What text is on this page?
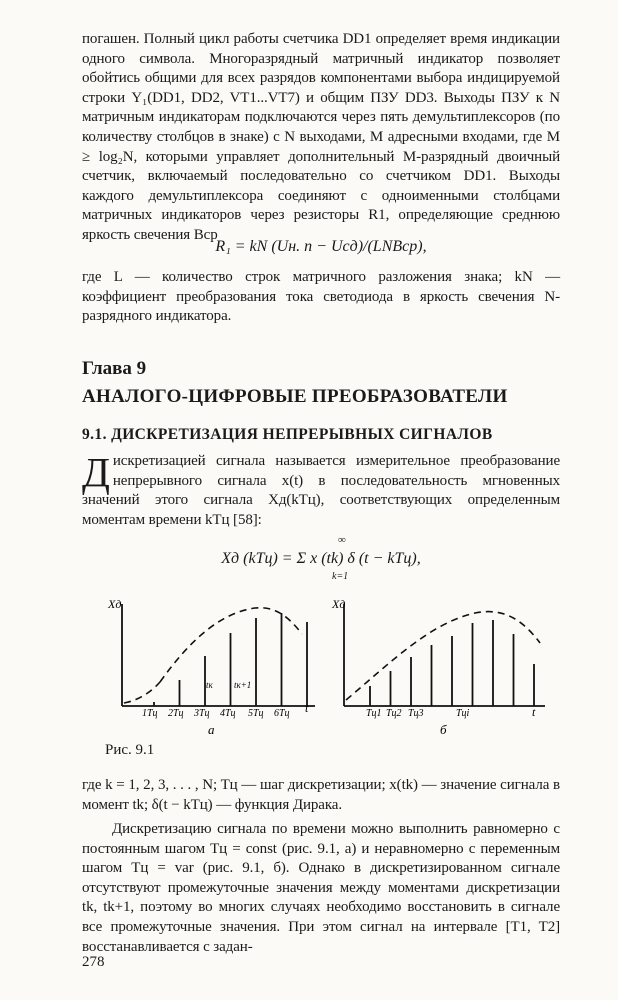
погашен. Полный цикл работы счетчика DD1 определяет время индикации одного символа. Многоразрядный матричный индикатор позволяет обойтись общими для всех разрядов компонентами выбора индицируемой строки Y₁(DD1, DD2, VT1...VT7) и общим ПЗУ DD3. Выходы ПЗУ к N матричным индикаторам подключаются через пять демультиплексоров (по количеству столбцов в знаке) с N выходами, M адресными входами, где M ≥ log₂N, которыми управляет дополнительный M-разрядный двоичный счетчик, включаемый последовательно со счетчиком DD1. Выходы каждого демультиплексора соединяют с одноименными столбцами матричных индикаторов через резисторы R1, определяющие среднюю яркость свечения Bср
R₁ = kN (Uн. п − Uсд)/(LNBср),
где L — количество строк матричного разложения знака; kN — коэффициент преобразования тока светодиода в яркость свечения N-разрядного индикатора.
Глава 9
АНАЛОГО-ЦИФРОВЫЕ ПРЕОБРАЗОВАТЕЛИ
9.1. ДИСКРЕТИЗАЦИЯ НЕПРЕРЫВНЫХ СИГНАЛОВ
Дискретизацией сигнала называется измерительное преобразование непрерывного сигнала x(t) в последовательность мгновенных значений этого сигнала Xд(kTц), соответствующих определенным моментам времени kTц [58]:
∞
Xд (kTц) = Σ x (tk) δ (t − kTц),
k=1
Xд
t
tк tк+1
1Tц 2Tц 3Tц 4Tц 5Tц 6Tц
а
Xд
t
Tц1 Tц2 Tц3	Tцi
б
Рис. 9.1
где k = 1, 2, 3, . . . , N; Tц — шаг дискретизации; x(tk) — значение сигнала в момент tk; δ(t − kTц) — функция Дирака.
Дискретизацию сигнала по времени можно выполнить равномерно с постоянным шагом Tц = const (рис. 9.1, а) и неравномерно с переменным шагом Tц = var (рис. 9.1, б). Однако в дискретизированном сигнале отсутствуют промежуточные значения между моментами дискретизации tk, tk+1, поэтому во многих случаях необходимо восстановить в сигнале все промежуточные значения. При этом сигнал на интервале [T1, T2] восстанавливается с задан-
278
